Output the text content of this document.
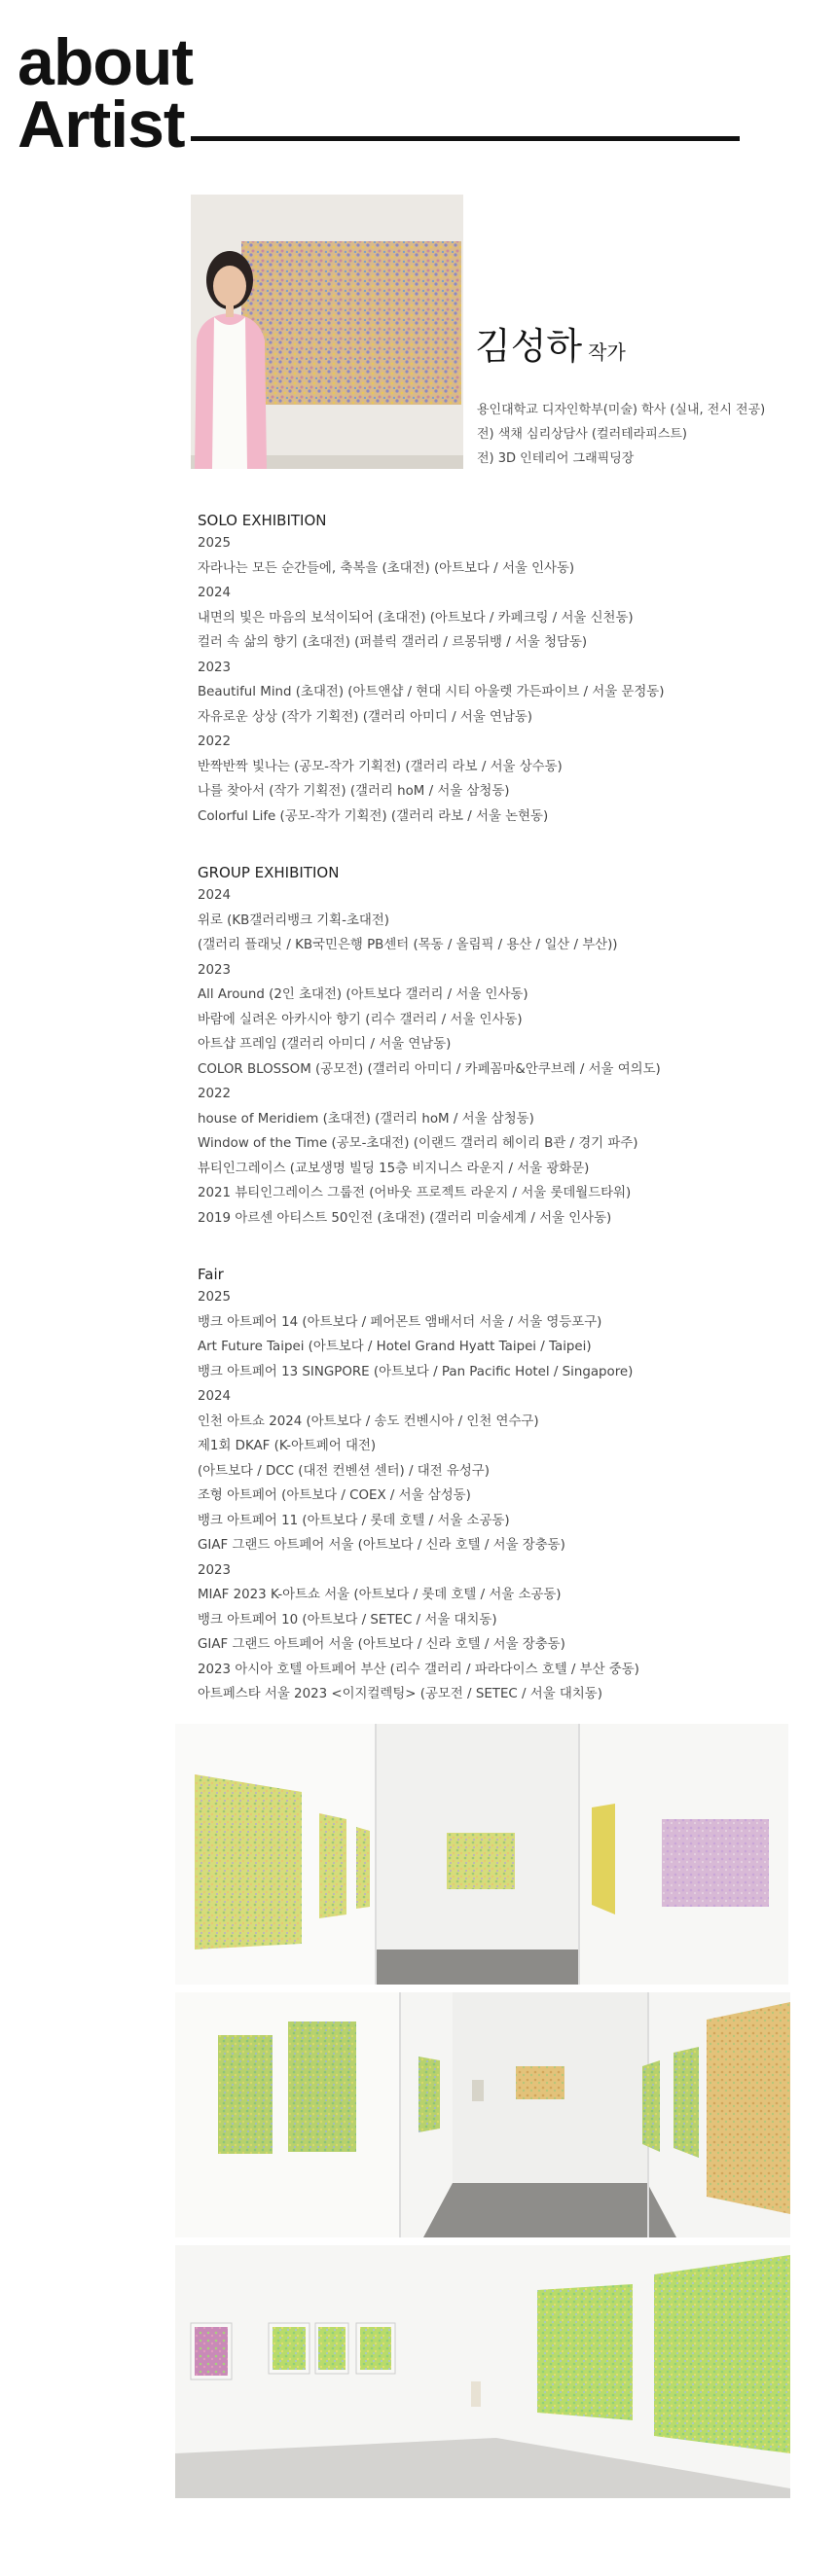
about
Artist
김성하 작가
용인대학교 디자인학부(미술) 학사 (실내, 전시 전공)
전) 색채 심리상담사 (컬러테라피스트)
전) 3D 인테리어 그래픽딩장
SOLO EXHIBITION
2025
자라나는 모든 순간들에, 축복을 (초대전) (아트보다 / 서울 인사동)
2024
내면의 빛은 마음의 보석이되어 (초대전) (아트보다 / 카페크링 / 서울 신천동)
컬러 속 삶의 향기 (초대전) (퍼블릭 갤러리 / 르몽뒤뱅 / 서울 청담동)
2023
Beautiful Mind (초대전) (아트앤샵 / 현대 시티 아울렛 가든파이브 / 서울 문정동)
자유로운 상상 (작가 기획전) (갤러리 아미디 / 서울 연남동)
2022
반짝반짝 빛나는 (공모-작가 기획전) (갤러리 라보 / 서울 상수동)
나를 찾아서 (작가 기획전) (갤러리 hoM / 서울 삼청동)
Colorful Life (공모-작가 기획전) (갤러리 라보 / 서울 논현동)
GROUP EXHIBITION
2024
위로 (KB갤러리뱅크 기획-초대전)
(갤러리 플래닛 / KB국민은행 PB센터 (목동 / 올림픽 / 용산 / 일산 / 부산))
2023
All Around (2인 초대전) (아트보다 갤러리 / 서울 인사동)
바람에 실려온 아카시아 향기 (리수 갤러리 / 서울 인사동)
아트샵 프레임 (갤러리 아미디 / 서울 연남동)
COLOR BLOSSOM (공모전) (갤러리 아미디 / 카페꼼마&안쿠브레 / 서울 여의도)
2022
house of Meridiem (초대전) (갤러리 hoM / 서울 삼청동)
Window of the Time (공모-초대전) (이랜드 갤러리 헤이리 B관 / 경기 파주)
뷰티인그레이스 (교보생명 빌딩 15층 비지니스 라운지 / 서울 광화문)
2021 뷰티인그레이스 그룹전 (어바웃 프로젝트 라운지 / 서울 롯데월드타워)
2019 아르센 아티스트 50인전 (초대전) (갤러리 미술세계 / 서울 인사동)
Fair
2025
뱅크 아트페어 14 (아트보다 / 페어몬트 앰배서더 서울 / 서울 영등포구)
Art Future Taipei (아트보다 / Hotel Grand Hyatt Taipei / Taipei)
뱅크 아트페어 13 SINGPORE (아트보다 / Pan Pacific Hotel / Singapore)
2024
인천 아트쇼 2024 (아트보다 / 송도 컨벤시아 / 인천 연수구)
제1회 DKAF (K-아트페어 대전)
(아트보다 / DCC (대전 컨벤션 센터) / 대전 유성구)
조형 아트페어 (아트보다 / COEX / 서울 삼성동)
뱅크 아트페어 11 (아트보다 / 롯데 호텔 / 서울 소공동)
GIAF 그랜드 아트페어 서울 (아트보다 / 신라 호텔 / 서울 장충동)
2023
MIAF 2023 K-아트쇼 서울 (아트보다 / 롯데 호텔 / 서울 소공동)
뱅크 아트페어 10 (아트보다 / SETEC / 서울 대치동)
GIAF 그랜드 아트페어 서울 (아트보다 / 신라 호텔 / 서울 장충동)
2023 아시아 호텔 아트페어 부산 (리수 갤러리 / 파라다이스 호텔 / 부산 중동)
아트페스타 서울 2023 <이지컬렉팅> (공모전 / SETEC / 서울 대치동)
